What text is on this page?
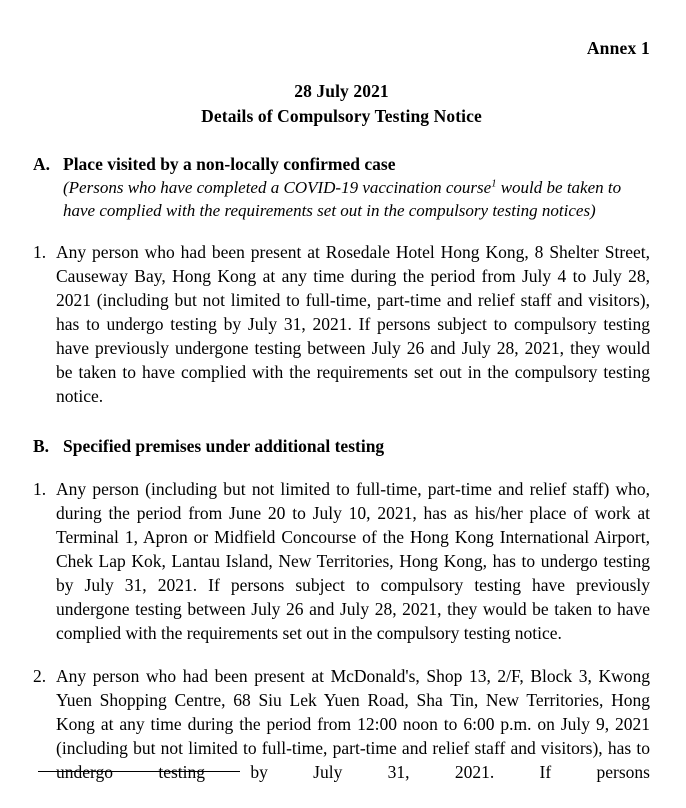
Annex 1
28 July 2021
Details of Compulsory Testing Notice
A. Place visited by a non-locally confirmed case
(Persons who have completed a COVID-19 vaccination course$^1$ would be taken to have complied with the requirements set out in the compulsory testing notices)
1. Any person who had been present at Rosedale Hotel Hong Kong, 8 Shelter Street, Causeway Bay, Hong Kong at any time during the period from July 4 to July 28, 2021 (including but not limited to full-time, part-time and relief staff and visitors), has to undergo testing by July 31, 2021. If persons subject to compulsory testing have previously undergone testing between July 26 and July 28, 2021, they would be taken to have complied with the requirements set out in the compulsory testing notice.
B. Specified premises under additional testing
1. Any person (including but not limited to full-time, part-time and relief staff) who, during the period from June 20 to July 10, 2021, has as his/her place of work at Terminal 1, Apron or Midfield Concourse of the Hong Kong International Airport, Chek Lap Kok, Lantau Island, New Territories, Hong Kong, has to undergo testing by July 31, 2021. If persons subject to compulsory testing have previously undergone testing between July 26 and July 28, 2021, they would be taken to have complied with the requirements set out in the compulsory testing notice.
2. Any person who had been present at McDonald's, Shop 13, 2/F, Block 3, Kwong Yuen Shopping Centre, 68 Siu Lek Yuen Road, Sha Tin, New Territories, Hong Kong at any time during the period from 12:00 noon to 6:00 p.m. on July 9, 2021 (including but not limited to full-time, part-time and relief staff and visitors), has to undergo testing by July 31, 2021. If persons
